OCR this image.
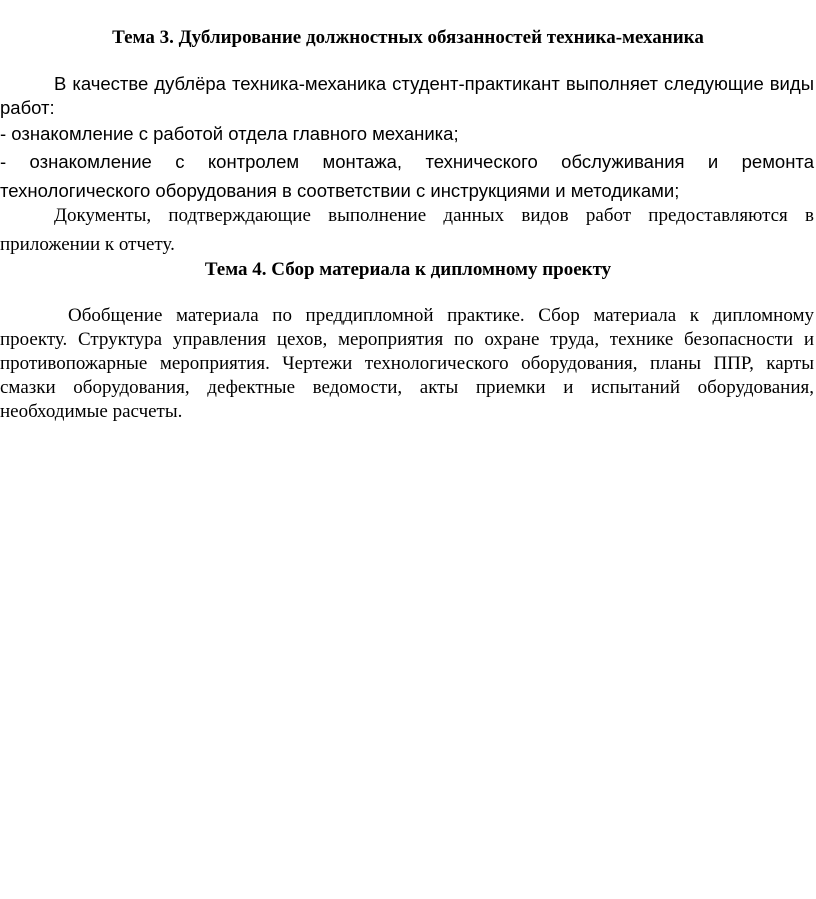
Тема 3. Дублирование должностных обязанностей техника-механика
В качестве дублёра техника-механика студент-практикант выполняет следующие виды работ:
- ознакомление с работой отдела главного механика;
- ознакомление с контролем монтажа, технического обслуживания и ремонта технологического оборудования в соответствии с инструкциями и методиками;
Документы, подтверждающие выполнение данных видов работ предоставляются в приложении к отчету.
Тема 4. Сбор материала к дипломному проекту
Обобщение материала по преддипломной практике. Сбор материала к дипломному проекту. Структура управления цехов, мероприятия по охране труда, технике безопасности и противопожарные мероприятия. Чертежи технологического оборудования, планы ППР, карты смазки оборудования, дефектные ведомости, акты приемки и испытаний оборудования, необходимые расчеты.
